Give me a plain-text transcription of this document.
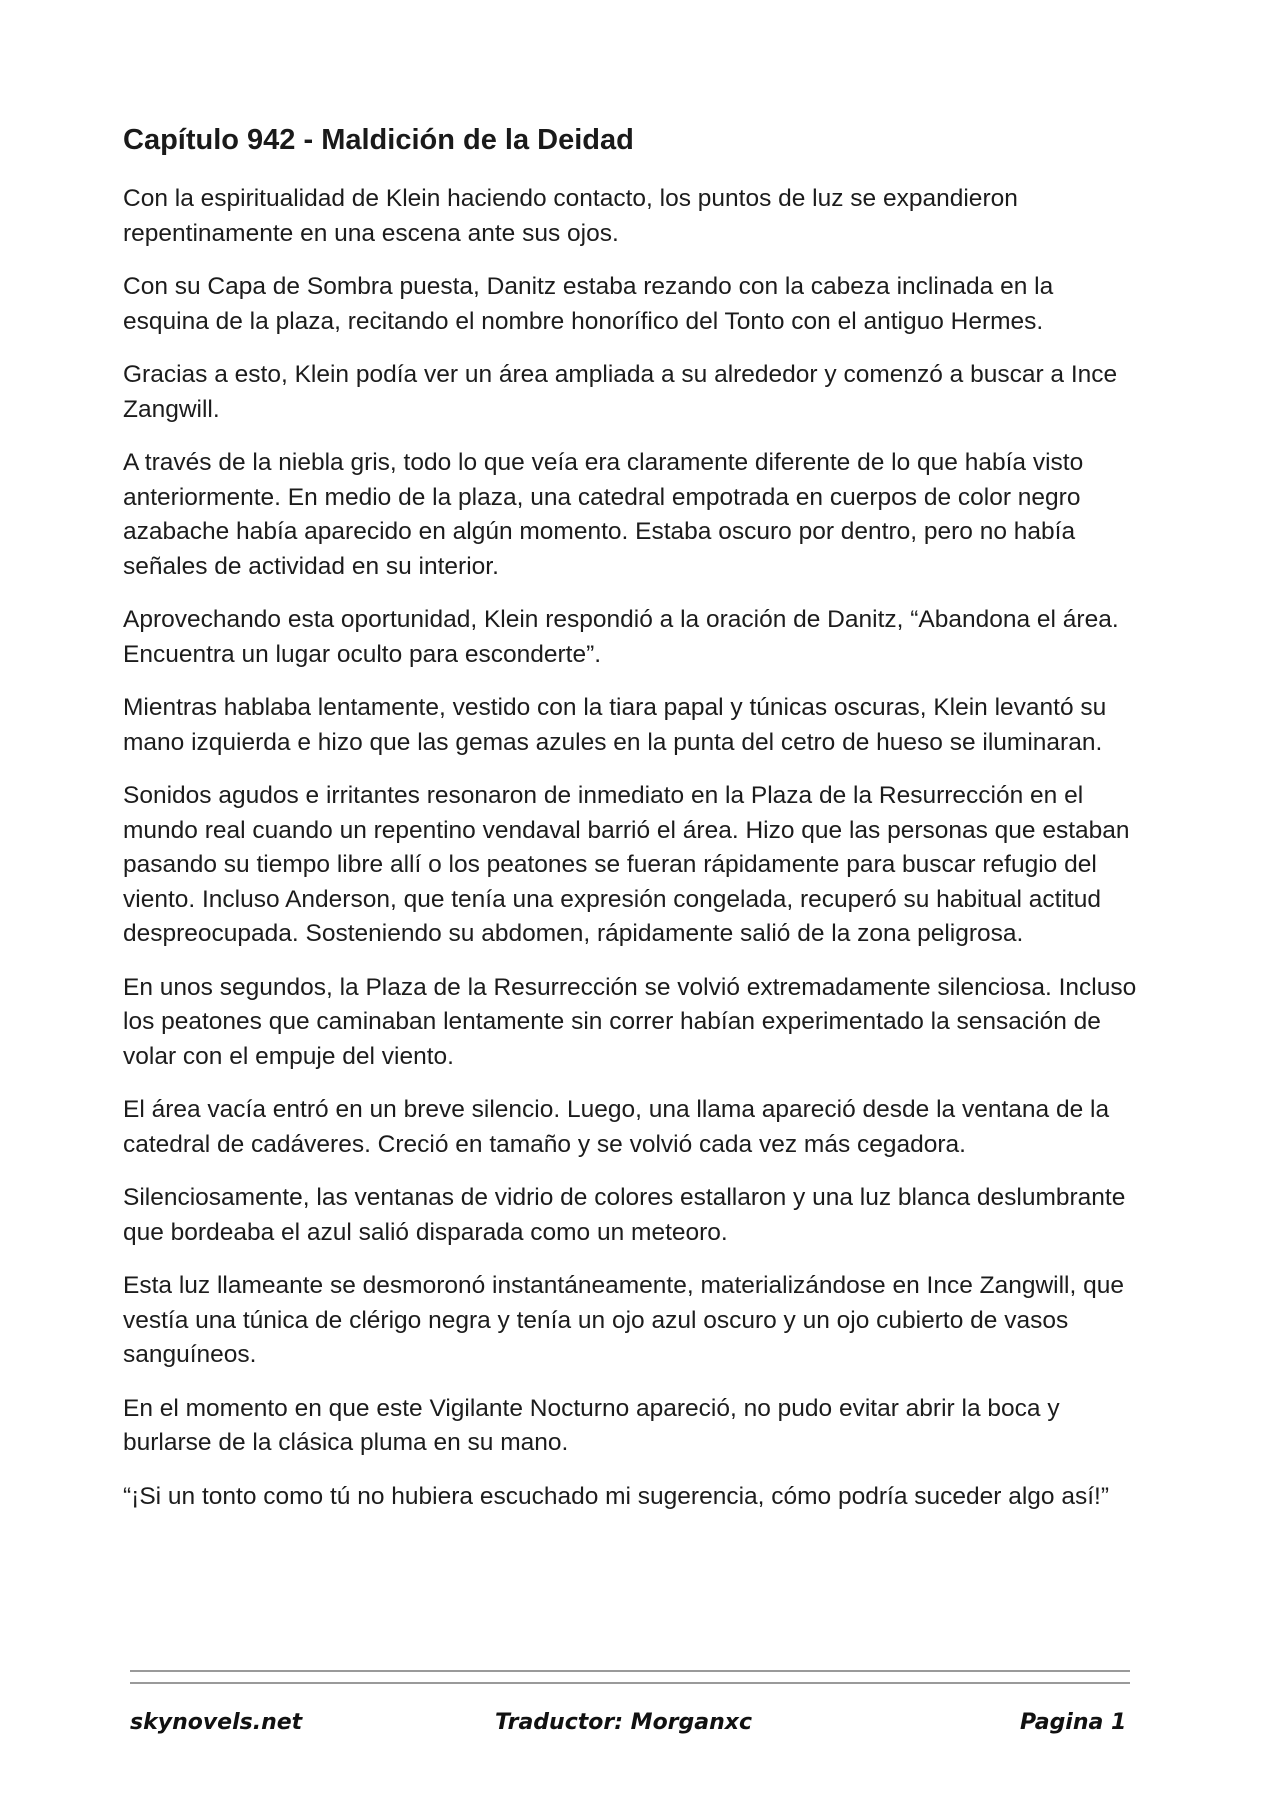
Capítulo 942 - Maldición de la Deidad

Con la espiritualidad de Klein haciendo contacto, los puntos de luz se expandieron repentinamente en una escena ante sus ojos.

Con su Capa de Sombra puesta, Danitz estaba rezando con la cabeza inclinada en la esquina de la plaza, recitando el nombre honorífico del Tonto con el antiguo Hermes.

Gracias a esto, Klein podía ver un área ampliada a su alrededor y comenzó a buscar a Ince Zangwill.

A través de la niebla gris, todo lo que veía era claramente diferente de lo que había visto anteriormente. En medio de la plaza, una catedral empotrada en cuerpos de color negro azabache había aparecido en algún momento. Estaba oscuro por dentro, pero no había señales de actividad en su interior.

Aprovechando esta oportunidad, Klein respondió a la oración de Danitz, “Abandona el área. Encuentra un lugar oculto para esconderte”.

Mientras hablaba lentamente, vestido con la tiara papal y túnicas oscuras, Klein levantó su mano izquierda e hizo que las gemas azules en la punta del cetro de hueso se iluminaran.

Sonidos agudos e irritantes resonaron de inmediato en la Plaza de la Resurrección en el mundo real cuando un repentino vendaval barrió el área. Hizo que las personas que estaban pasando su tiempo libre allí o los peatones se fueran rápidamente para buscar refugio del viento. Incluso Anderson, que tenía una expresión congelada, recuperó su habitual actitud despreocupada. Sosteniendo su abdomen, rápidamente salió de la zona peligrosa.

En unos segundos, la Plaza de la Resurrección se volvió extremadamente silenciosa. Incluso los peatones que caminaban lentamente sin correr habían experimentado la sensación de volar con el empuje del viento.

El área vacía entró en un breve silencio. Luego, una llama apareció desde la ventana de la catedral de cadáveres. Creció en tamaño y se volvió cada vez más cegadora.

Silenciosamente, las ventanas de vidrio de colores estallaron y una luz blanca deslumbrante que bordeaba el azul salió disparada como un meteoro.

Esta luz llameante se desmoronó instantáneamente, materializándose en Ince Zangwill, que vestía una túnica de clérigo negra y tenía un ojo azul oscuro y un ojo cubierto de vasos sanguíneos.

En el momento en que este Vigilante Nocturno apareció, no pudo evitar abrir la boca y burlarse de la clásica pluma en su mano.

“¡Si un tonto como tú no hubiera escuchado mi sugerencia, cómo podría suceder algo así!”

skynovels.net	Traductor: Morganxc	Pagina 1
